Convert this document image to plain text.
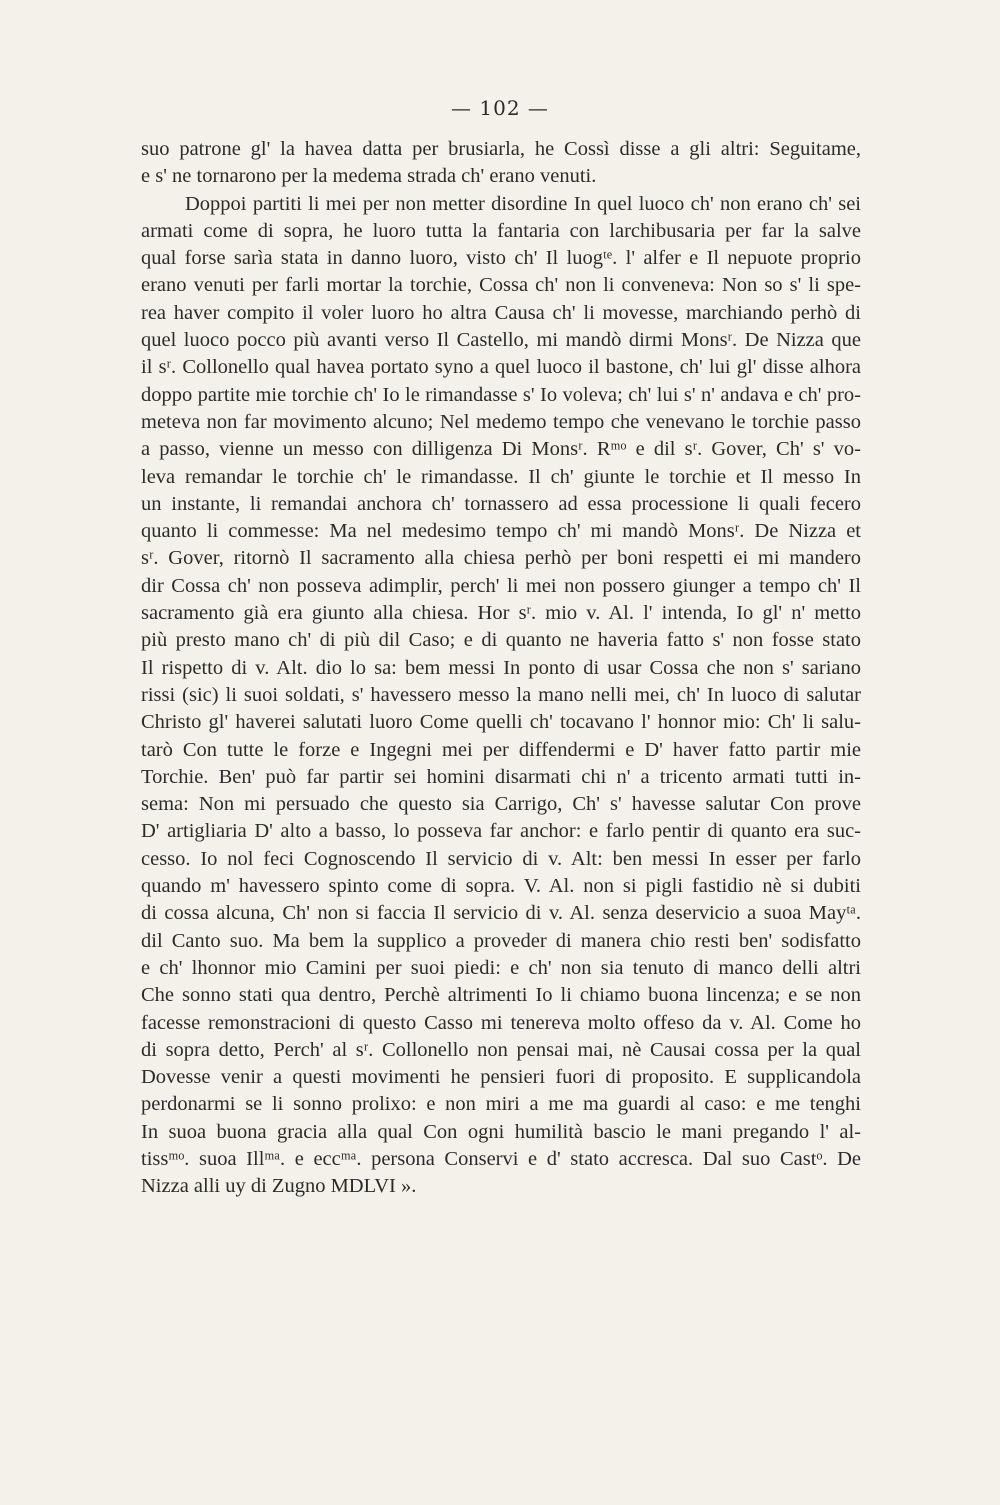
— 102 —
suo patrone gl' la havea datta per brusiarla, he Cossì disse a gli altri: Seguitame,
e s' ne tornarono per la medema strada ch' erano venuti.
Doppoi partiti li mei per non metter disordine In quel luoco ch' non erano ch' sei
armati come di sopra, he luoro tutta la fantaria con larchibusaria per far la salve
qual forse sarìa stata in danno luoro, visto ch' Il luogᵗᵉ. l' alfer e Il nepuote proprio
erano venuti per farli mortar la torchie, Cossa ch' non li conveneva: Non so s' li spe-
rea haver compito il voler luoro ho altra Causa ch' li movesse, marchiando perhò di
quel luoco pocco più avanti verso Il Castello, mi mandò dirmi Monsʳ. De Nizza que
il sʳ. Collonello qual havea portato syno a quel luoco il bastone, ch' lui gl' disse alhora
doppo partite mie torchie ch' Io le rimandasse s' Io voleva; ch' lui s' n' andava e ch' pro-
meteva non far movimento alcuno; Nel medemo tempo che venevano le torchie passo
a passo, vienne un messo con dilligenza Di Monsʳ. Rᵐᵒ e dil sʳ. Gover, Ch' s' vo-
leva remandar le torchie ch' le rimandasse. Il ch' giunte le torchie et Il messo In
un instante, li remandai anchora ch' tornassero ad essa processione li quali fecero
quanto li commesse: Ma nel medesimo tempo ch' mi mandò Monsʳ. De Nizza et
sʳ. Gover, ritornò Il sacramento alla chiesa perhò per boni respetti ei mi mandero
dir Cossa ch' non posseva adimplir, perch' li mei non possero giunger a tempo ch' Il
sacramento già era giunto alla chiesa. Hor sʳ. mio v. Al. l' intenda, Io gl' n' metto
più presto mano ch' di più dil Caso; e di quanto ne haveria fatto s' non fosse stato
Il rispetto di v. Alt. dio lo sa: bem messi In ponto di usar Cossa che non s' sariano
rissi (sic) li suoi soldati, s' havessero messo la mano nelli mei, ch' In luoco di salutar
Christo gl' haverei salutati luoro Come quelli ch' tocavano l' honnor mio: Ch' li salu-
tarò Con tutte le forze e Ingegni mei per diffendermi e D' haver fatto partir mie
Torchie. Ben' può far partir sei homini disarmati chi n' a tricento armati tutti in-
sema: Non mi persuado che questo sia Carrigo, Ch' s' havesse salutar Con prove
D' artigliaria D' alto a basso, lo posseva far anchor: e farlo pentir di quanto era suc-
cesso. Io nol feci Cognoscendo Il servicio di v. Alt: ben messi In esser per farlo
quando m' havessero spinto come di sopra. V. Al. non si pigli fastidio nè si dubiti
di cossa alcuna, Ch' non si faccia Il servicio di v. Al. senza deservicio a suoa Mayᵗᵃ.
dil Canto suo. Ma bem la supplico a proveder di manera chio resti ben' sodisfatto
e ch' lhonnor mio Camini per suoi piedi: e ch' non sia tenuto di manco delli altri
Che sonno stati qua dentro, Perchè altrimenti Io li chiamo buona lincenza; e se non
facesse remonstracioni di questo Casso mi tenereva molto offeso da v. Al. Come ho
di sopra detto, Perch' al sʳ. Collonello non pensai mai, nè Causai cossa per la qual
Dovesse venir a questi movimenti he pensieri fuori di proposito. E supplicandola
perdonarmi se li sonno prolixo: e non miri a me ma guardi al caso: e me tenghi
In suoa buona gracia alla qual Con ogni humilità bascio le mani pregando l' al-
tissᵐᵒ. suoa Illᵐᵃ. e eccᵐᵃ. persona Conservi e d' stato accresca. Dal suo Castᵒ. De
Nizza alli uy di Zugno MDLVI ».
